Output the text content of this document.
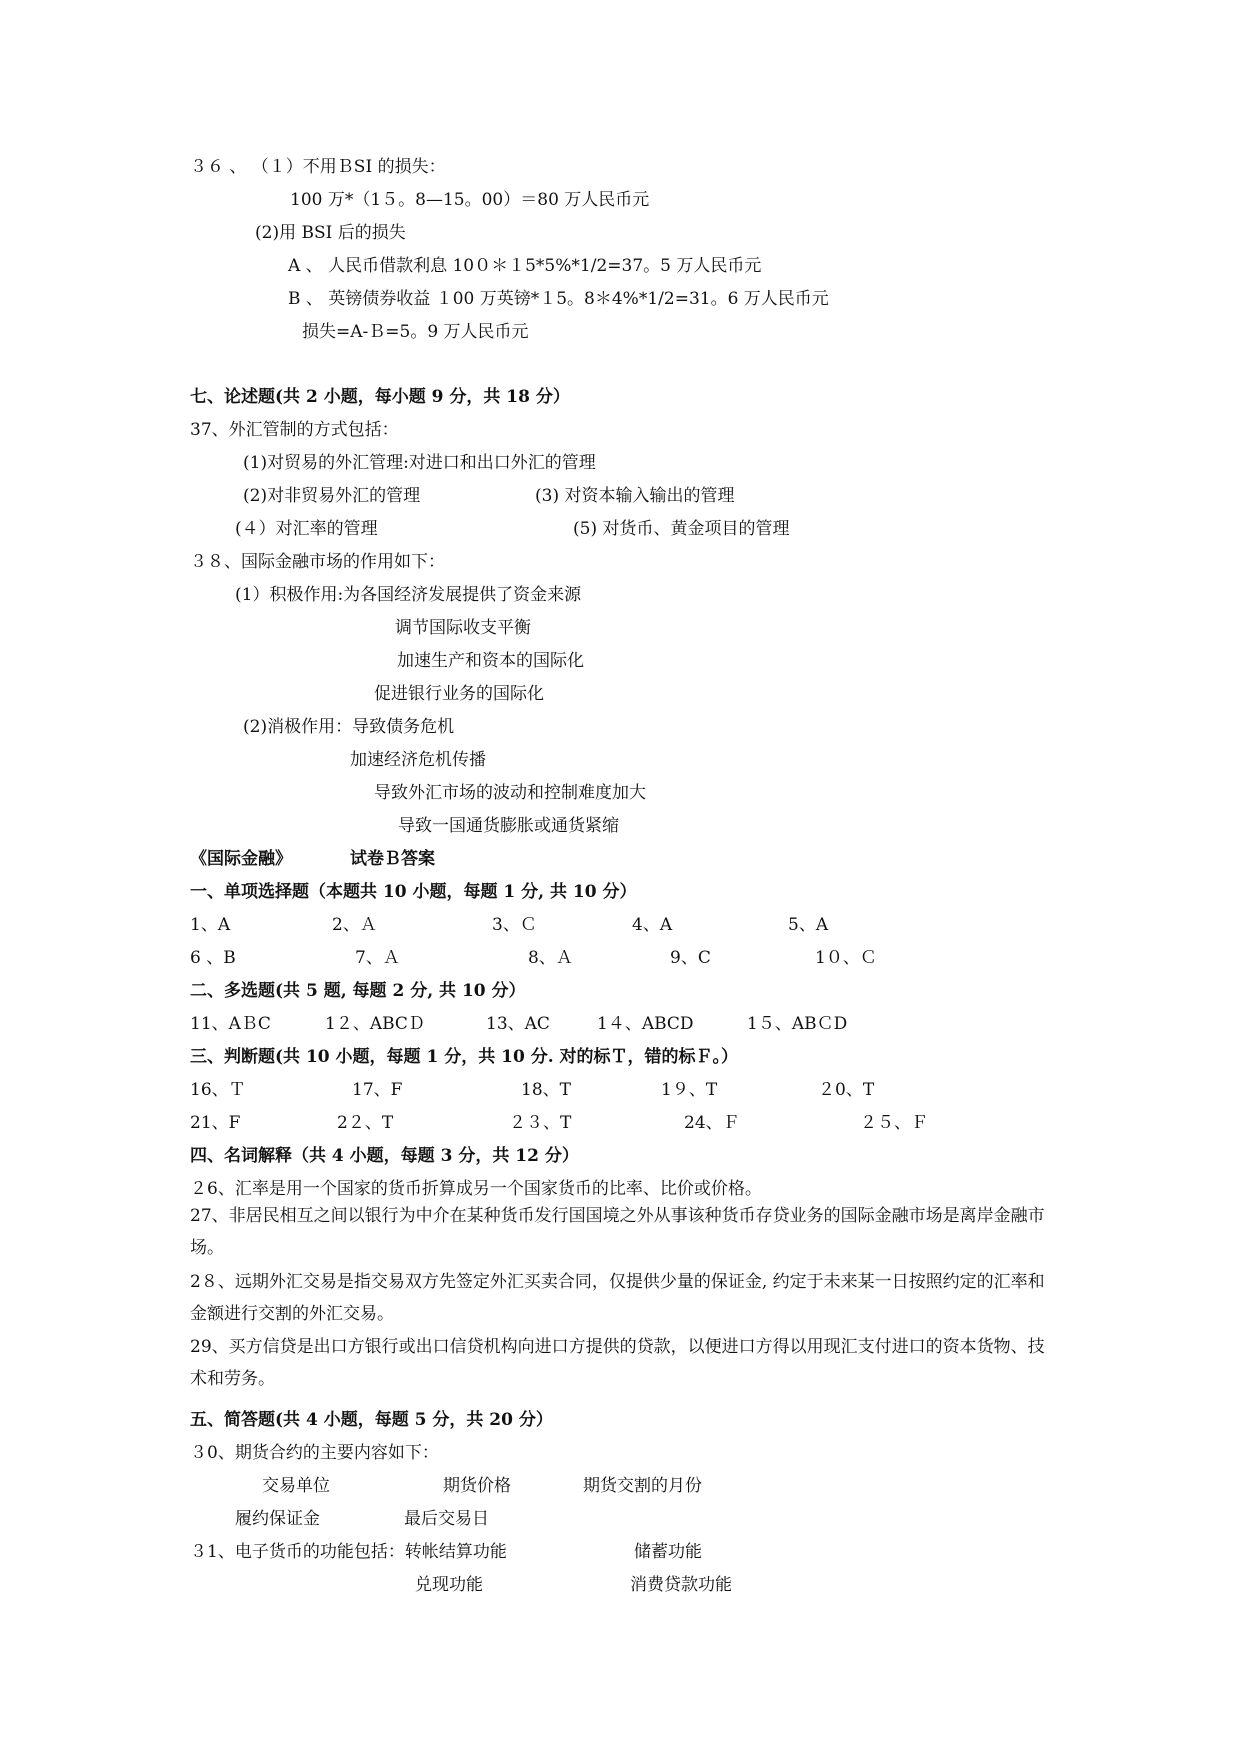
３６ 、 （１）不用ＢSI 的损失：
100 万*（1５。8—15。00）＝80 万人民币元
(2)用 BSI 后的损失
A 、 人民币借款利息 10０＊１5*5%*1/2=37。5 万人民币元
B 、 英镑债券收益 １00 万英镑*１5。8＊4%*1/2=31。6 万人民币元
损失=A-Ｂ=5。9 万人民币元
七、论述题(共 2 小题，每小题 9 分，共 18 分）
37、外汇管制的方式包括：
(1)对贸易的外汇管理:对进口和出口外汇的管理
(2)对非贸易外汇的管理	(3) 对资本输入输出的管理
(４）对汇率的管理	(5) 对货币、黄金项目的管理
３８、国际金融市场的作用如下：
(1）积极作用:为各国经济发展提供了资金来源
调节国际收支平衡
加速生产和资本的国际化
促进银行业务的国际化
(2)消极作用：导致债务危机
加速经济危机传播
导致外汇市场的波动和控制难度加大
导致一国通货膨胀或通货紧缩
《国际金融》	试卷Ｂ答案
一、单项选择题（本题共 10 小题，每题 1 分, 共 10 分）
1、A	2、Ａ	3、Ｃ	4、A	5、A
6 、B	7、Ａ	8、Ａ	9、C	1０、Ｃ
二、多选题(共 5 题, 每题 2 分, 共 10 分）
11、AＢC	1２、ABCＤ	13、AC	1４、ABCD	1５、ABＣD
三、判断题(共 10 小题，每题 1 分，共 10 分. 对的标Ｔ，错的标Ｆ。）
16、Ｔ	17、F	18、T	1９、T	２0、T
21、F	2２、T	２３、T	24、Ｆ	２５、Ｆ
四、名词解释（共 4 小题，每题 3 分，共 12 分）
２6、汇率是用一个国家的货币折算成另一个国家货币的比率、比价或价格。
27、非居民相互之间以银行为中介在某种货币发行国国境之外从事该种货币存贷业务的国际金融市场是离岸金融市场。
2８、远期外汇交易是指交易双方先签定外汇买卖合同，仅提供少量的保证金, 约定于未来某一日按照约定的汇率和金额进行交割的外汇交易。
29、买方信贷是出口方银行或出口信贷机构向进口方提供的贷款，以便进口方得以用现汇支付进口的资本货物、技术和劳务。
五、简答题(共 4 小题，每题 5 分，共 20 分）
３0、期货合约的主要内容如下：
交易单位	期货价格	期货交割的月份
履约保证金	最后交易日
３1、电子货币的功能包括：转帐结算功能	储蓄功能
兑现功能	消费贷款功能
